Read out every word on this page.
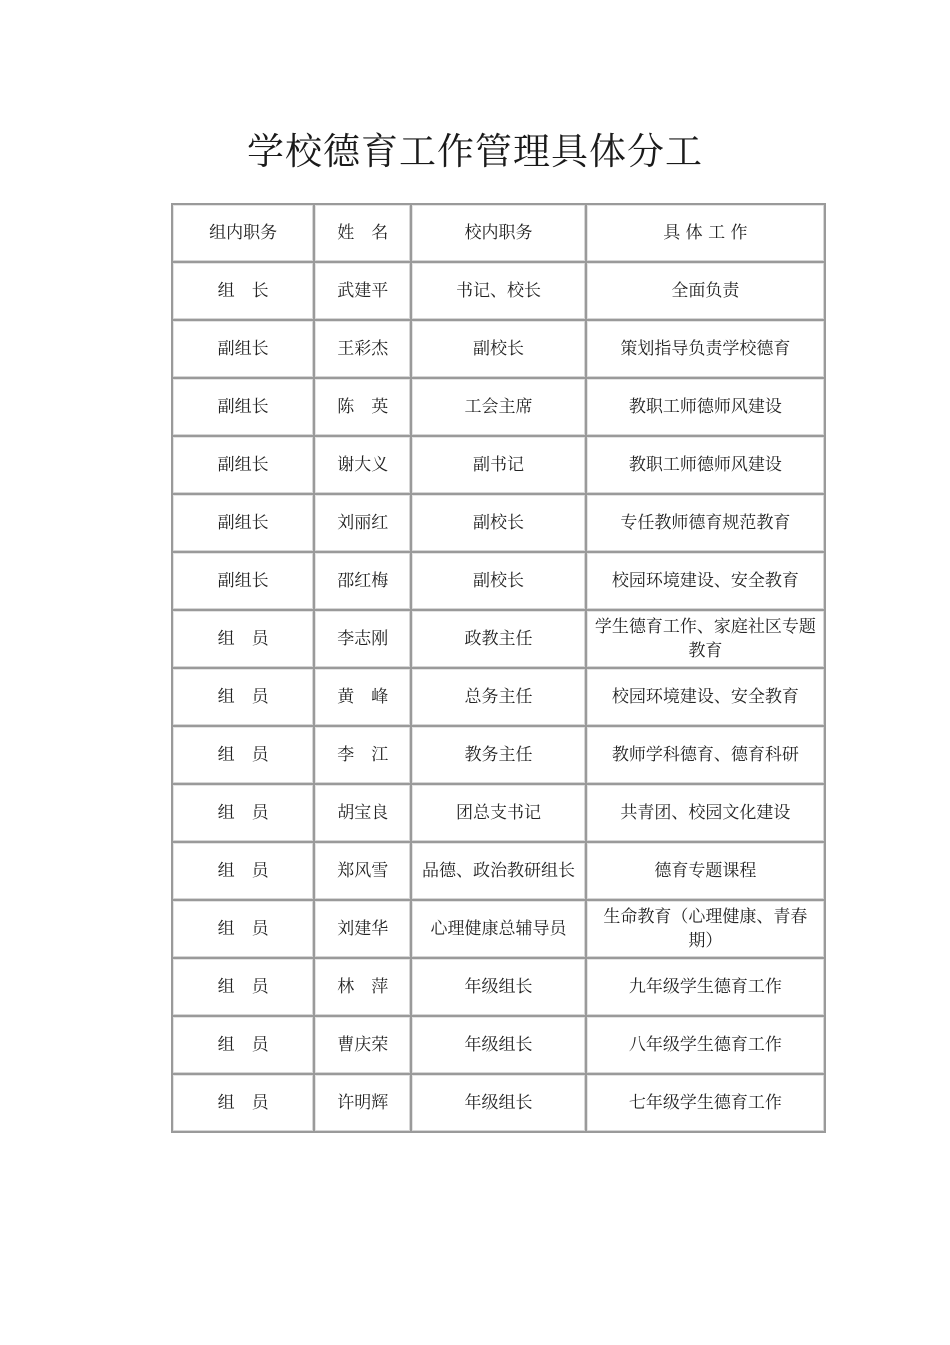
学校德育工作管理具体分工
组内职务	姓　名	校内职务	具 体 工 作
组　长	武建平	书记、校长	全面负责
副组长	王彩杰	副校长	策划指导负责学校德育
副组长	陈　英	工会主席	教职工师德师风建设
副组长	谢大义	副书记	教职工师德师风建设
副组长	刘丽红	副校长	专任教师德育规范教育
副组长	邵红梅	副校长	校园环境建设、安全教育
组　员	李志刚	政教主任	学生德育工作、家庭社区专题教育
组　员	黄　峰	总务主任	校园环境建设、安全教育
组　员	李　江	教务主任	教师学科德育、德育科研
组　员	胡宝良	团总支书记	共青团、校园文化建设
组　员	郑风雪	品德、政治教研组长	德育专题课程
组　员	刘建华	心理健康总辅导员	生命教育（心理健康、青春期）
组　员	林　萍	年级组长	九年级学生德育工作
组　员	曹庆荣	年级组长	八年级学生德育工作
组　员	许明辉	年级组长	七年级学生德育工作
